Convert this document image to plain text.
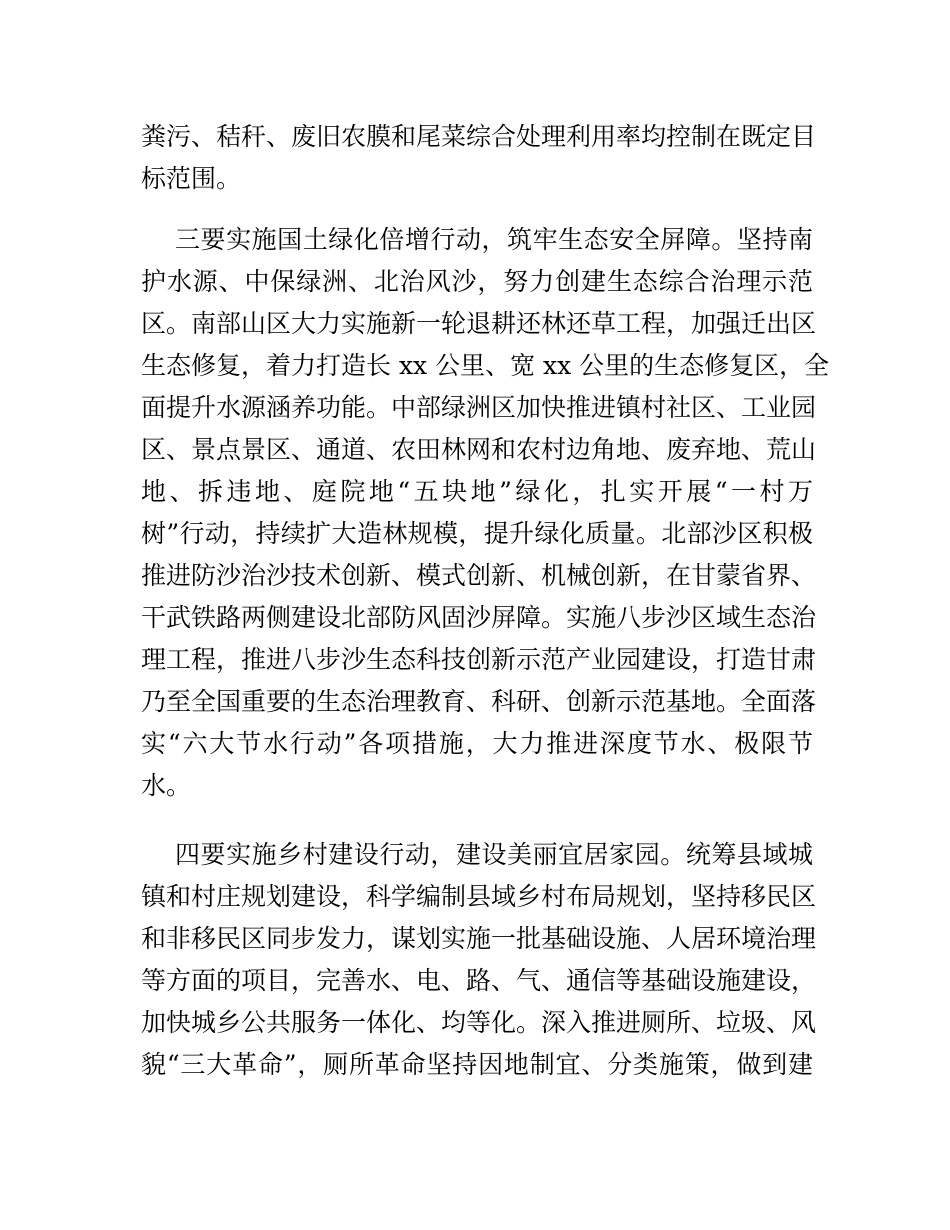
粪污、秸秆、废旧农膜和尾菜综合处理利用率均控制在既定目
标范围。
三要实施国土绿化倍增行动，筑牢生态安全屏障。坚持南
护水源、中保绿洲、北治风沙，努力创建生态综合治理示范
区。南部山区大力实施新一轮退耕还林还草工程，加强迁出区
生态修复，着力打造长 xx 公里、宽 xx 公里的生态修复区，全
面提升水源涵养功能。中部绿洲区加快推进镇村社区、工业园
区、景点景区、通道、农田林网和农村边角地、废弃地、荒山
地、拆违地、庭院地“五块地”绿化，扎实开展“一村万
树”行动，持续扩大造林规模，提升绿化质量。北部沙区积极
推进防沙治沙技术创新、模式创新、机械创新，在甘蒙省界、
干武铁路两侧建设北部防风固沙屏障。实施八步沙区域生态治
理工程，推进八步沙生态科技创新示范产业园建设，打造甘肃
乃至全国重要的生态治理教育、科研、创新示范基地。全面落
实“六大节水行动”各项措施，大力推进深度节水、极限节
水。
四要实施乡村建设行动，建设美丽宜居家园。统筹县域城
镇和村庄规划建设，科学编制县域乡村布局规划，坚持移民区
和非移民区同步发力，谋划实施一批基础设施、人居环境治理
等方面的项目，完善水、电、路、气、通信等基础设施建设，
加快城乡公共服务一体化、均等化。深入推进厕所、垃圾、风
貌“三大革命”，厕所革命坚持因地制宜、分类施策，做到建
